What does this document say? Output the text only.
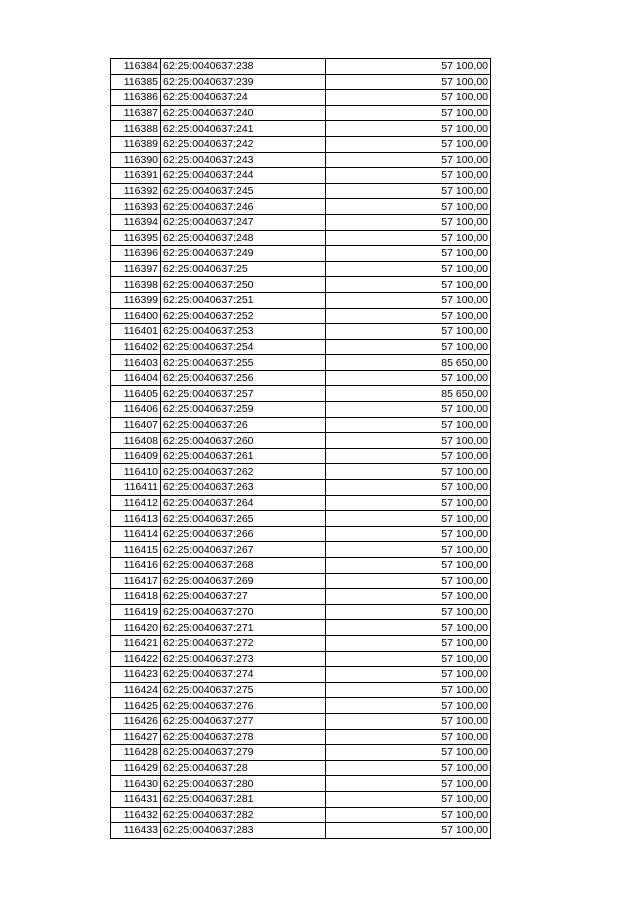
116384	62:25:0040637:238	57 100,00
116385	62:25:0040637:239	57 100,00
116386	62:25:0040637:24	57 100,00
116387	62:25:0040637:240	57 100,00
116388	62:25:0040637:241	57 100,00
116389	62:25:0040637:242	57 100,00
116390	62:25:0040637:243	57 100,00
116391	62:25:0040637:244	57 100,00
116392	62:25:0040637:245	57 100,00
116393	62:25:0040637:246	57 100,00
116394	62:25:0040637:247	57 100,00
116395	62:25:0040637:248	57 100,00
116396	62:25:0040637:249	57 100,00
116397	62:25:0040637:25	57 100,00
116398	62:25:0040637:250	57 100,00
116399	62:25:0040637:251	57 100,00
116400	62:25:0040637:252	57 100,00
116401	62:25:0040637:253	57 100,00
116402	62:25:0040637:254	57 100,00
116403	62:25:0040637:255	85 650,00
116404	62:25:0040637:256	57 100,00
116405	62:25:0040637:257	85 650,00
116406	62:25:0040637:259	57 100,00
116407	62:25:0040637:26	57 100,00
116408	62:25:0040637:260	57 100,00
116409	62:25:0040637:261	57 100,00
116410	62:25:0040637:262	57 100,00
116411	62:25:0040637:263	57 100,00
116412	62:25:0040637:264	57 100,00
116413	62:25:0040637:265	57 100,00
116414	62:25:0040637:266	57 100,00
116415	62:25:0040637:267	57 100,00
116416	62:25:0040637:268	57 100,00
116417	62:25:0040637:269	57 100,00
116418	62:25:0040637:27	57 100,00
116419	62:25:0040637:270	57 100,00
116420	62:25:0040637:271	57 100,00
116421	62:25:0040637:272	57 100,00
116422	62:25:0040637:273	57 100,00
116423	62:25:0040637:274	57 100,00
116424	62:25:0040637:275	57 100,00
116425	62:25:0040637:276	57 100,00
116426	62:25:0040637:277	57 100,00
116427	62:25:0040637:278	57 100,00
116428	62:25:0040637:279	57 100,00
116429	62:25:0040637:28	57 100,00
116430	62:25:0040637:280	57 100,00
116431	62:25:0040637:281	57 100,00
116432	62:25:0040637:282	57 100,00
116433	62:25:0040637:283	57 100,00
